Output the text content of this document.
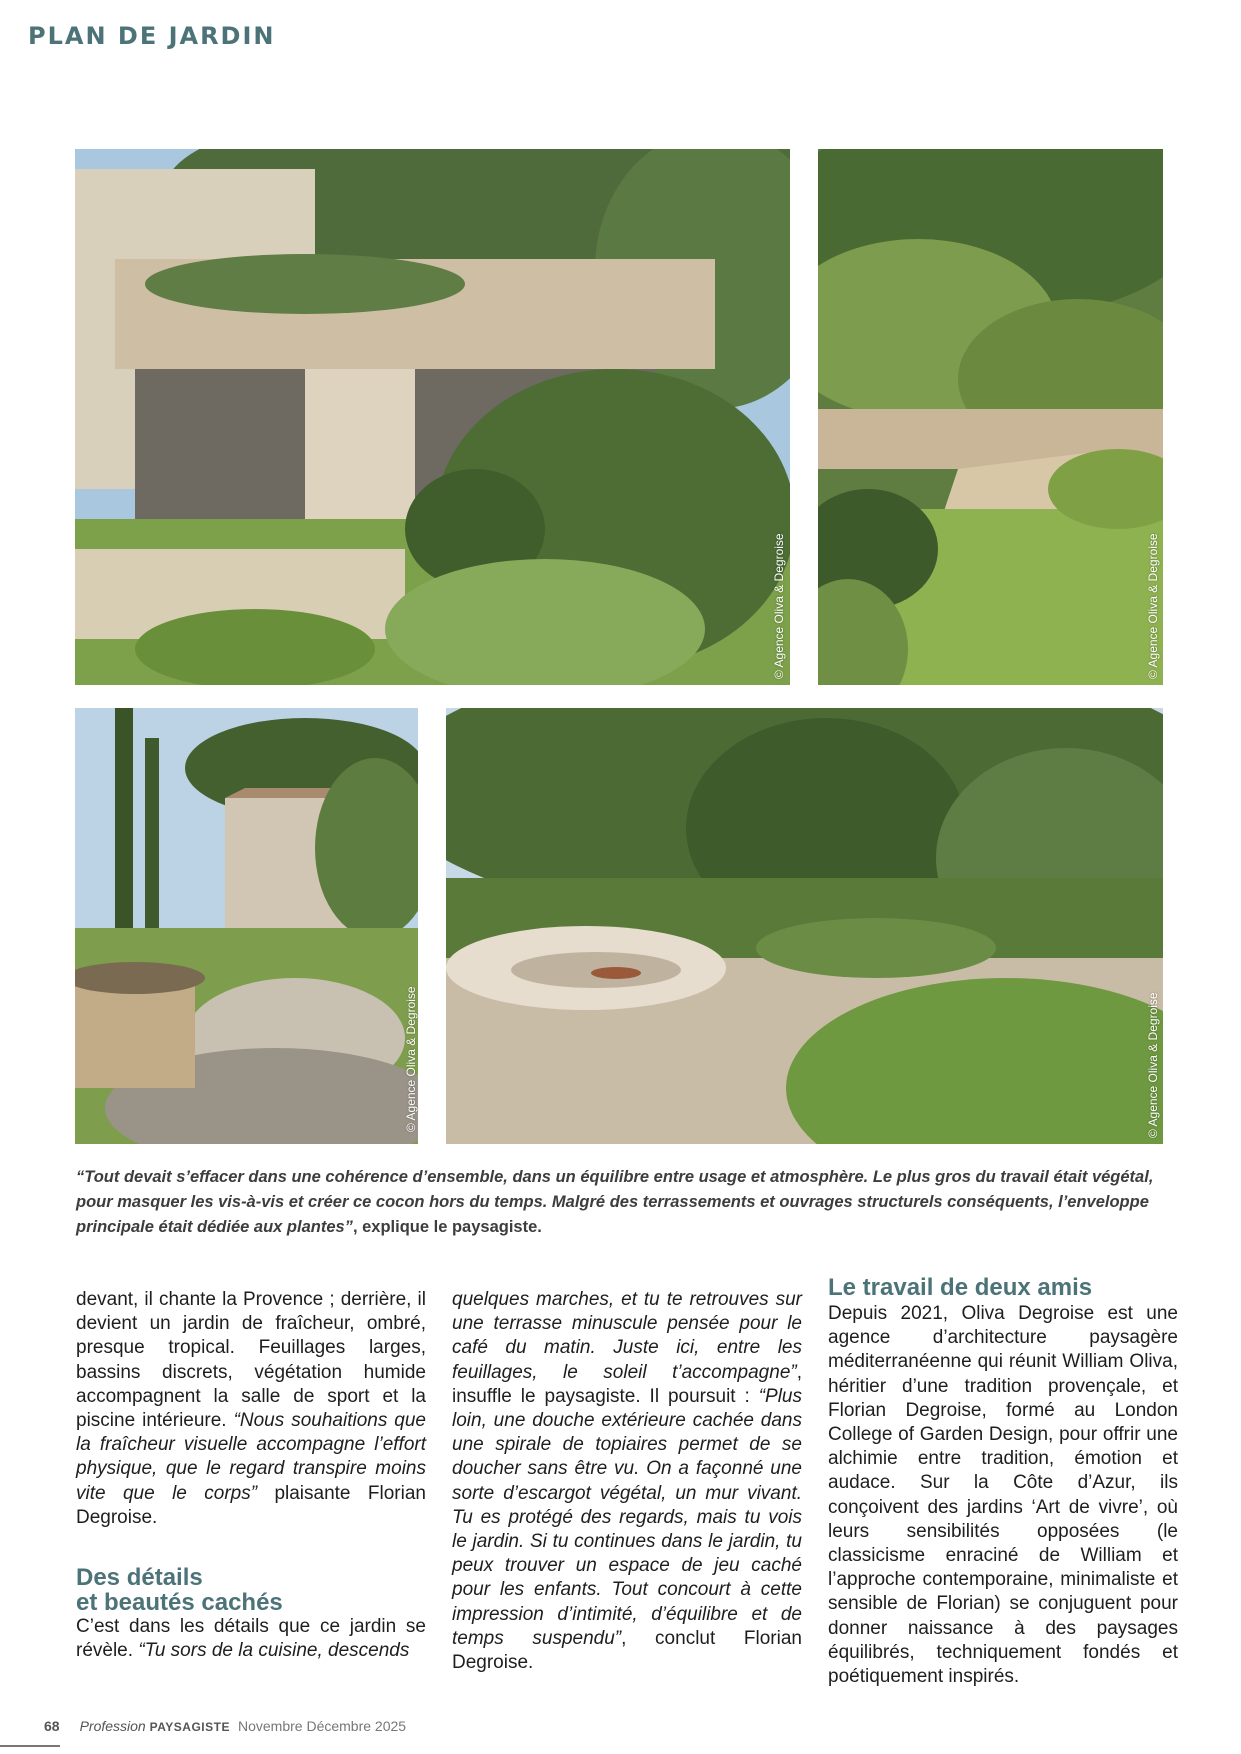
PLAN DE JARDIN
© Agence Oliva & Degroise	© Agence Oliva & Degroise
© Agence Oliva & Degroise	© Agence Oliva & Degroise
“Tout devait s’effacer dans une cohérence d’ensemble, dans un équilibre entre usage et atmosphère. Le plus gros du travail était végétal, pour masquer les vis-à-vis et créer ce cocon hors du temps. Malgré des terrassements et ouvrages structurels conséquents, l’enveloppe principale était dédiée aux plantes”, explique le paysagiste.

devant, il chante la Provence ; derrière, il devient un jardin de fraîcheur, ombré, presque tropical. Feuillages larges, bassins discrets, végétation humide accompagnent la salle de sport et la piscine intérieure. “Nous souhaitions que la fraîcheur visuelle accompagne l’effort physique, que le regard transpire moins vite que le corps” plaisante Florian Degroise.

Des détails
et beautés cachés

C’est dans les détails que ce jardin se révèle. “Tu sors de la cuisine, descends

quelques marches, et tu te retrouves sur une terrasse minuscule pensée pour le café du matin. Juste ici, entre les feuillages, le soleil t’accompagne”, insuffle le paysagiste. Il poursuit : “Plus loin, une douche extérieure cachée dans une spirale de topiaires permet de se doucher sans être vu. On a façonné une sorte d’escargot végétal, un mur vivant. Tu es protégé des regards, mais tu vois le jardin. Si tu continues dans le jardin, tu peux trouver un espace de jeu caché pour les enfants. Tout concourt à cette impression d’intimité, d’équilibre et de temps suspendu”, conclut Florian Degroise.

Le travail de deux amis

Depuis 2021, Oliva Degroise est une agence d’architecture paysagère méditerranéenne qui réunit William Oliva, héritier d’une tradition provençale, et Florian Degroise, formé au London College of Garden Design, pour offrir une alchimie entre tradition, émotion et audace. Sur la Côte d’Azur, ils conçoivent des jardins ‘Art de vivre’, où leurs sensibilités opposées (le classicisme enraciné de William et l’approche contemporaine, minimaliste et sensible de Florian) se conjuguent pour donner naissance à des paysages équilibrés, techniquement fondés et poétiquement inspirés.

68 Profession PAYSAGISTE Novembre Décembre 2025
